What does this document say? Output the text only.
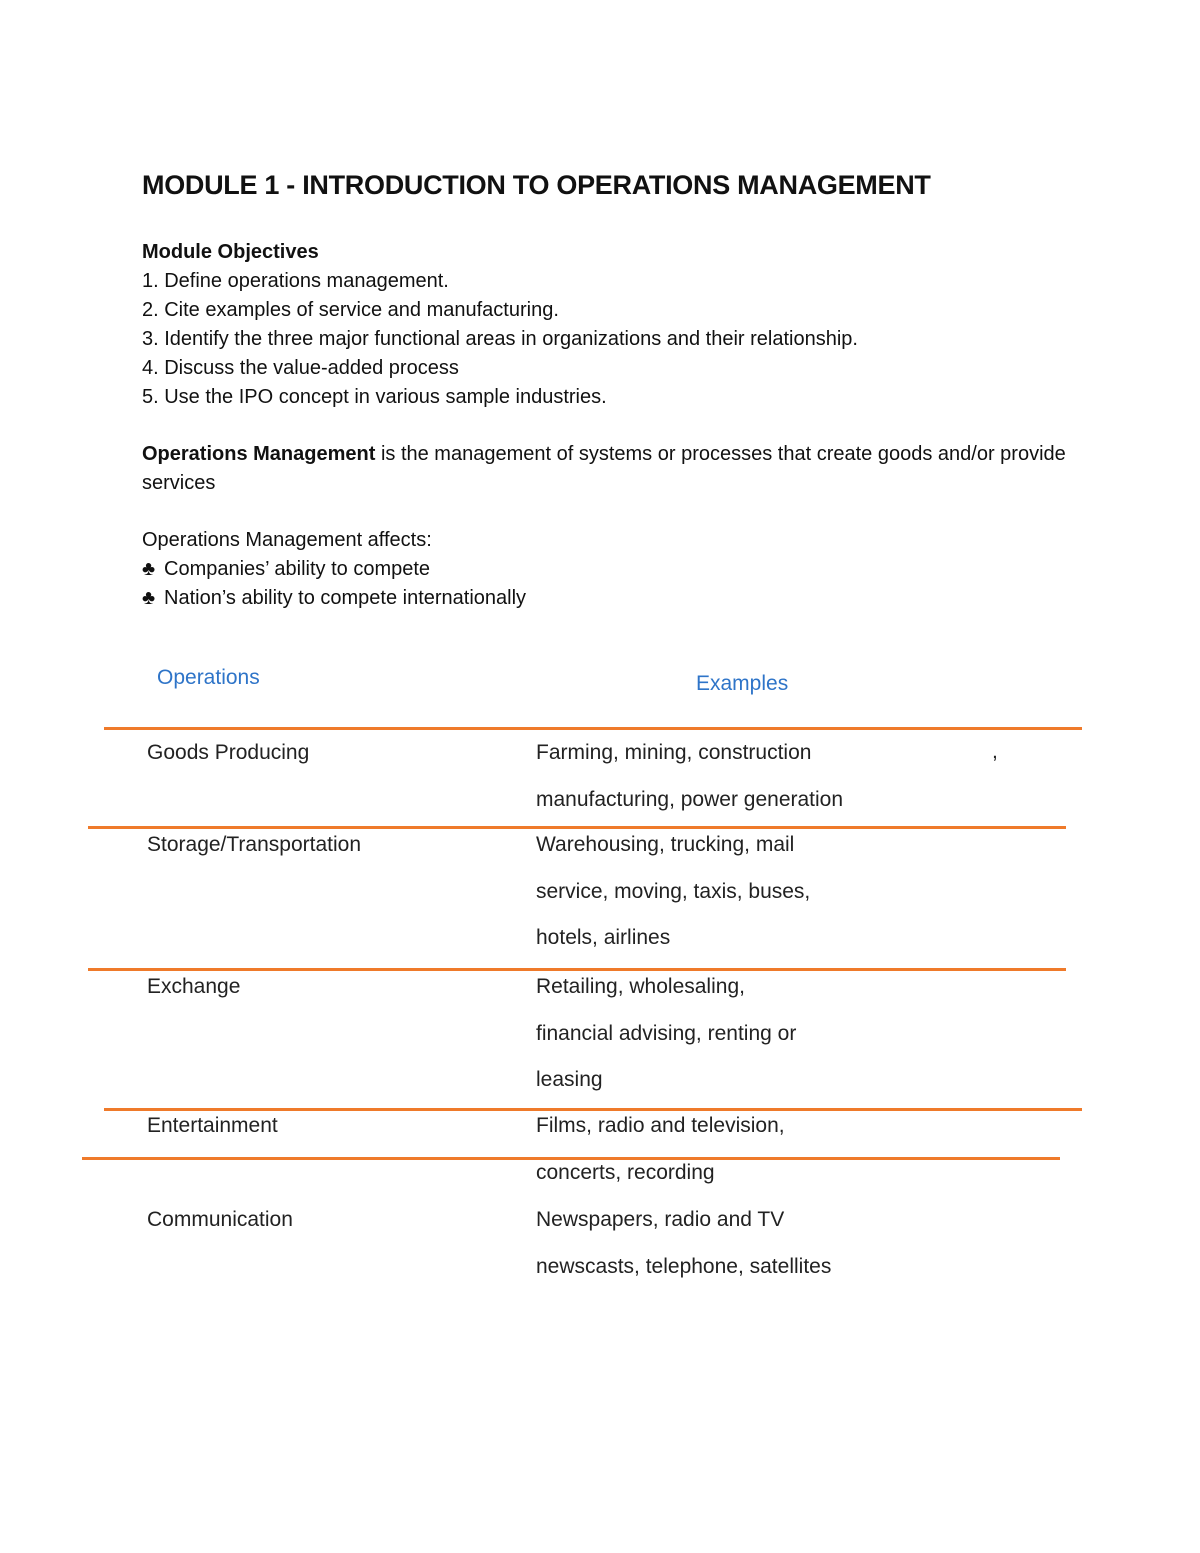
MODULE 1 - INTRODUCTION TO OPERATIONS MANAGEMENT
Module Objectives
1. Define operations management.
2. Cite examples of service and manufacturing.
3. Identify the three major functional areas in organizations and their relationship.
4. Discuss the value-added process
5. Use the IPO concept in various sample industries.
Operations Management is the management of systems or processes that create goods and/or provide services
Operations Management affects:
♣ Companies’ ability to compete
♣ Nation’s ability to compete internationally
Operations	Examples
Goods Producing	Farming, mining, construction
manufacturing, power generation
,
Storage/Transportation	Warehousing, trucking, mail
service, moving, taxis, buses,
hotels, airlines
Exchange	Retailing, wholesaling,
financial advising, renting or
leasing
Entertainment	Films, radio and television,
concerts, recording
Communication	Newspapers, radio and TV
newscasts, telephone, satellites
